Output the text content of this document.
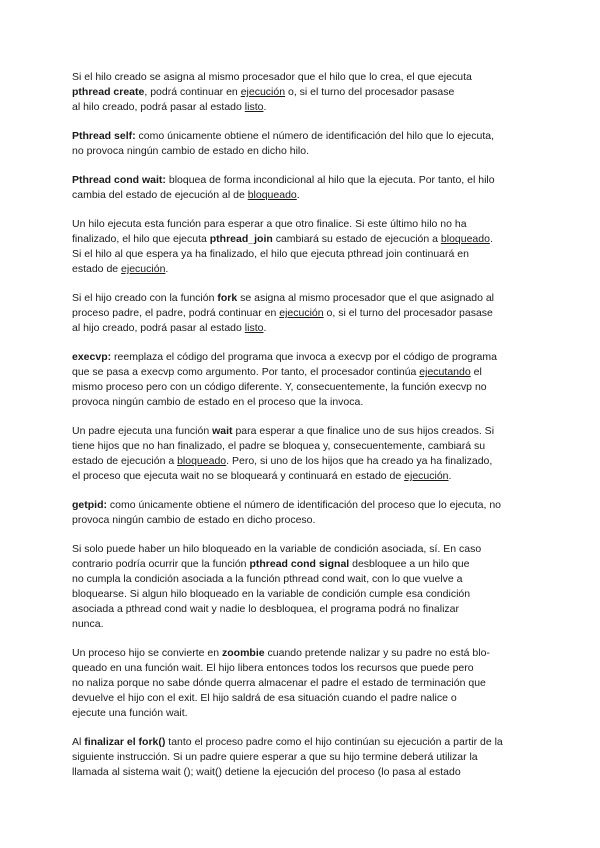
Si el hilo creado se asigna al mismo procesador que el hilo que lo crea, el que ejecuta
pthread create, podrá continuar en ejecución o, si el turno del procesador pasase
al hilo creado, podrá pasar al estado listo.
Pthread self: como únicamente obtiene el número de identificación del hilo que lo ejecuta,
no provoca ningún cambio de estado en dicho hilo.
Pthread cond wait: bloquea de forma incondicional al hilo que la ejecuta. Por tanto, el hilo
cambia del estado de ejecución al de bloqueado.
Un hilo ejecuta esta función para esperar a que otro finalice. Si este último hilo no ha
finalizado, el hilo que ejecuta pthread_join cambiará su estado de ejecución a bloqueado.
Si el hilo al que espera ya ha finalizado, el hilo que ejecuta pthread join continuará en
estado de ejecución.
Si el hijo creado con la función fork se asigna al mismo procesador que el que asignado al
proceso padre, el padre, podrá continuar en ejecución o, si el turno del procesador pasase
al hijo creado, podrá pasar al estado listo.
execvp: reemplaza el código del programa que invoca a execvp por el código de programa
que se pasa a execvp como argumento. Por tanto, el procesador continúa ejecutando el
mismo proceso pero con un código diferente. Y, consecuentemente, la función execvp no
provoca ningún cambio de estado en el proceso que la invoca.
Un padre ejecuta una función wait para esperar a que finalice uno de sus hijos creados. Si
tiene hijos que no han finalizado, el padre se bloquea y, consecuentemente, cambiará su
estado de ejecución a bloqueado. Pero, si uno de los hijos que ha creado ya ha finalizado,
el proceso que ejecuta wait no se bloqueará y continuará en estado de ejecución.
getpid: como únicamente obtiene el número de identificación del proceso que lo ejecuta, no
provoca ningún cambio de estado en dicho proceso.
Si solo puede haber un hilo bloqueado en la variable de condición asociada, sí. En caso
contrario podría ocurrir que la función pthread cond signal desbloquee a un hilo que
no cumpla la condición asociada a la función pthread cond wait, con lo que vuelve a
bloquearse. Si algun hilo bloqueado en la variable de condición cumple esa condición
asociada a pthread cond wait y nadie lo desbloquea, el programa podrá no finalizar
nunca.
Un proceso hijo se convierte en zoombie cuando pretende nalizar y su padre no está blo-
queado en una función wait. El hijo libera entonces todos los recursos que puede pero
no naliza porque no sabe dónde querra almacenar el padre el estado de terminación que
devuelve el hijo con el exit. El hijo saldrá de esa situación cuando el padre nalice o
ejecute una función wait.
Al finalizar el fork() tanto el proceso padre como el hijo continúan su ejecución a partir de la
siguiente instrucción. Si un padre quiere esperar a que su hijo termine deberá utilizar la
llamada al sistema wait (); wait() detiene la ejecución del proceso (lo pasa al estado
